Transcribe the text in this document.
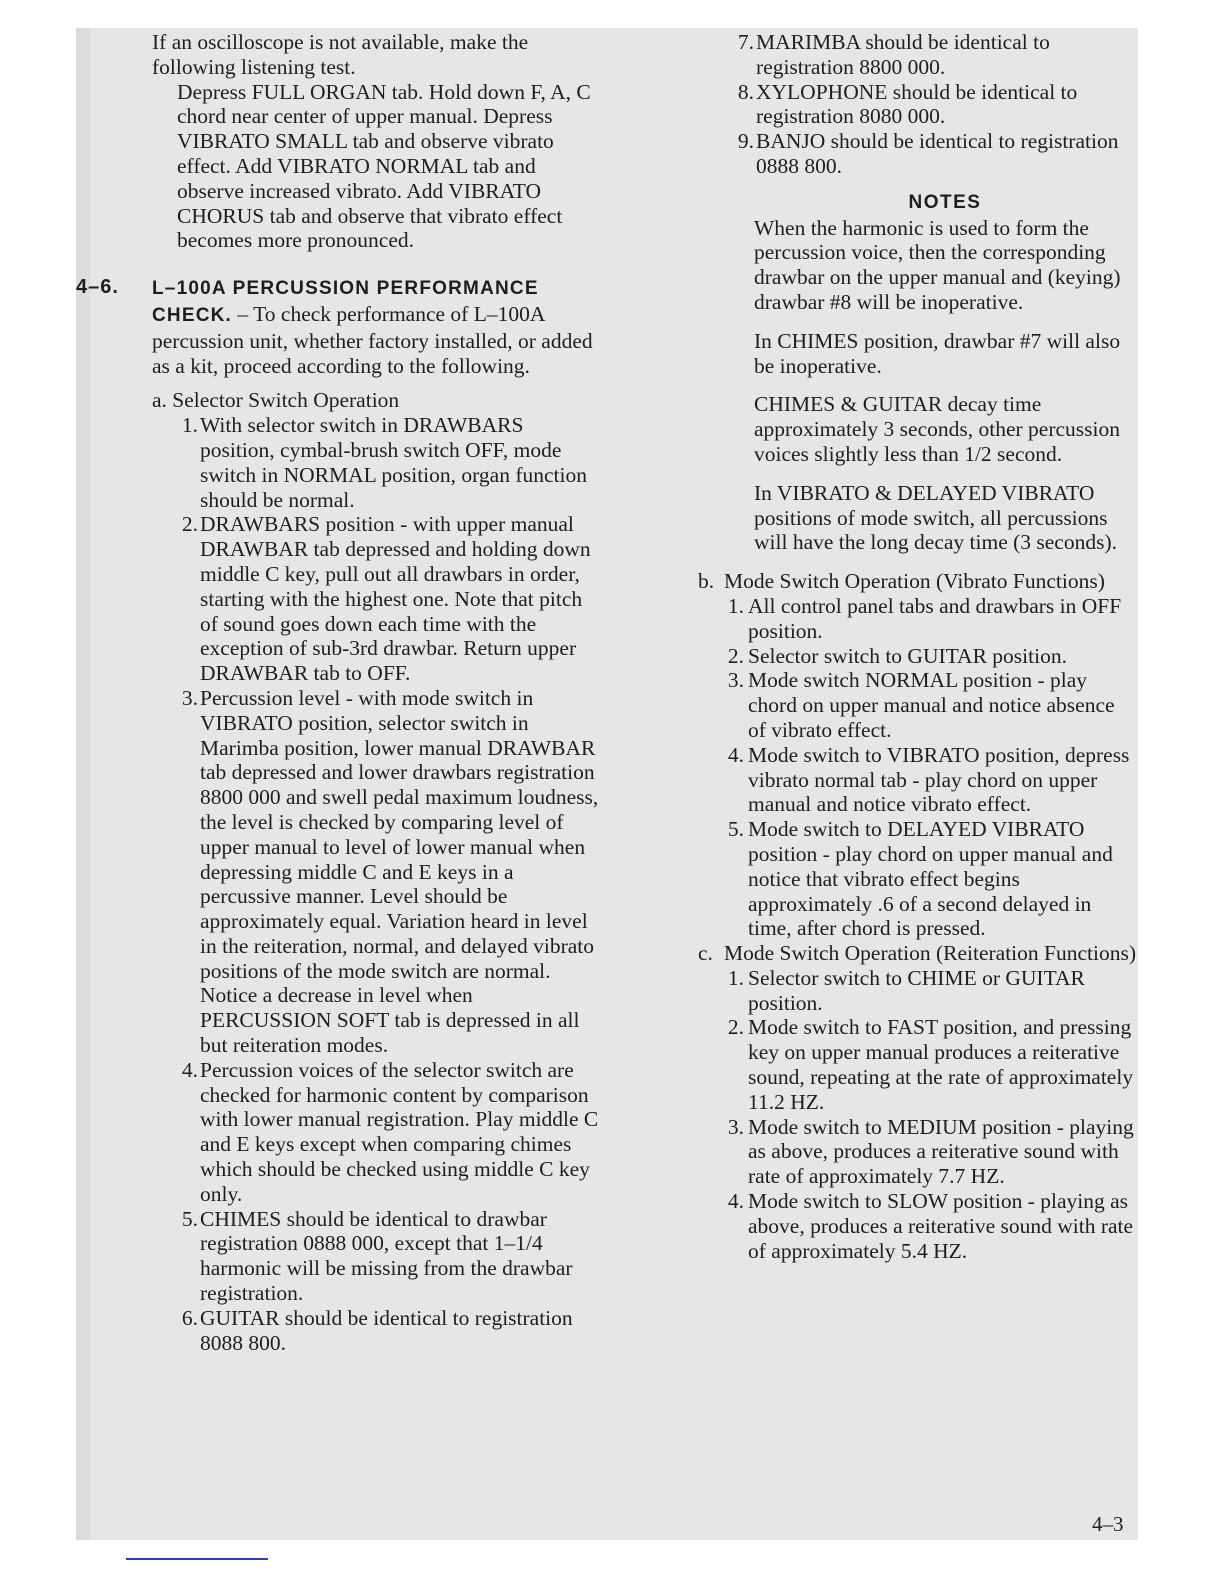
If an oscilloscope is not available, make the following listening test.

Depress FULL ORGAN tab. Hold down F, A, C chord near center of upper manual. Depress VIBRATO SMALL tab and observe vibrato effect. Add VIBRATO NORMAL tab and observe increased vibrato. Add VIBRATO CHORUS tab and observe that vibrato effect becomes more pronounced.

4–6. L–100A PERCUSSION PERFORMANCE CHECK. – To check performance of L–100A percussion unit, whether factory installed, or added as a kit, proceed according to the following.

a. Selector Switch Operation

1. With selector switch in DRAWBARS position, cymbal-brush switch OFF, mode switch in NORMAL position, organ function should be normal.
2. DRAWBARS position - with upper manual DRAWBAR tab depressed and holding down middle C key, pull out all drawbars in order, starting with the highest one. Note that pitch of sound goes down each time with the exception of sub-3rd drawbar. Return upper DRAWBAR tab to OFF.
3. Percussion level - with mode switch in VIBRATO position, selector switch in Marimba position, lower manual DRAWBAR tab depressed and lower drawbars registration 8800 000 and swell pedal maximum loudness, the level is checked by comparing level of upper manual to level of lower manual when depressing middle C and E keys in a percussive manner. Level should be approximately equal. Variation heard in level in the reiteration, normal, and delayed vibrato positions of the mode switch are normal. Notice a decrease in level when PERCUSSION SOFT tab is depressed in all but reiteration modes.
4. Percussion voices of the selector switch are checked for harmonic content by comparison with lower manual registration. Play middle C and E keys except when comparing chimes which should be checked using middle C key only.
5. CHIMES should be identical to drawbar registration 0888 000, except that 1–1/4 harmonic will be missing from the drawbar registration.
6. GUITAR should be identical to registration 8088 800.
7. MARIMBA should be identical to registration 8800 000.
8. XYLOPHONE should be identical to registration 8080 000.
9. BANJO should be identical to registration 0888 800.
NOTES

When the harmonic is used to form the percussion voice, then the corresponding drawbar on the upper manual and (keying) drawbar #8 will be inoperative.

In CHIMES position, drawbar #7 will also be inoperative.

CHIMES & GUITAR decay time approximately 3 seconds, other percussion voices slightly less than 1/2 second.

In VIBRATO & DELAYED VIBRATO positions of mode switch, all percussions will have the long decay time (3 seconds).

b. Mode Switch Operation (Vibrato Functions)
1. All control panel tabs and drawbars in OFF position.
2. Selector switch to GUITAR position.
3. Mode switch NORMAL position - play chord on upper manual and notice absence of vibrato effect.
4. Mode switch to VIBRATO position, depress vibrato normal tab - play chord on upper manual and notice vibrato effect.
5. Mode switch to DELAYED VIBRATO position - play chord on upper manual and notice that vibrato effect begins approximately .6 of a second delayed in time, after chord is pressed.
c. Mode Switch Operation (Reiteration Functions)
1. Selector switch to CHIME or GUITAR position.
2. Mode switch to FAST position, and pressing key on upper manual produces a reiterative sound, repeating at the rate of approximately 11.2 HZ.
3. Mode switch to MEDIUM position - playing as above, produces a reiterative sound with rate of approximately 7.7 HZ.
4. Mode switch to SLOW position - playing as above, produces a reiterative sound with rate of approximately 5.4 HZ.
4–3
